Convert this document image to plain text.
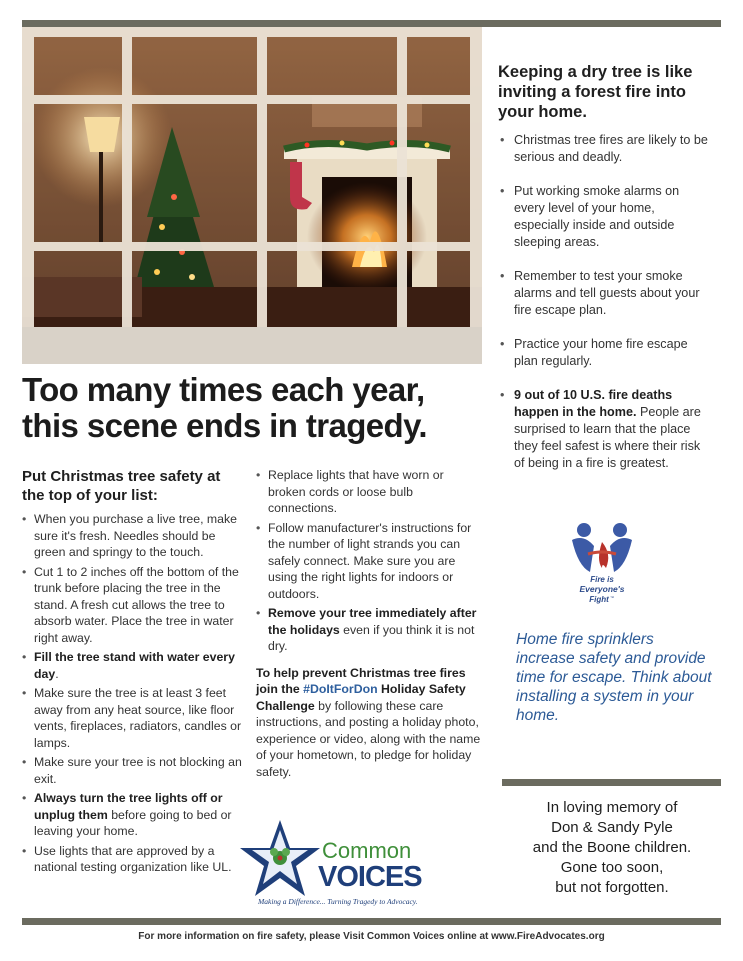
Keeping a dry tree is like inviting a forest fire into your home.
• Christmas tree fires are likely to be serious and deadly.
• Put working smoke alarms on every level of your home, especially inside and outside sleeping areas.
• Remember to test your smoke alarms and tell guests about your fire escape plan.
• Practice your home fire escape plan regularly.
• 9 out of 10 U.S. fire deaths happen in the home. People are surprised to learn that the place they feel safest is where their risk of being in a fire is greatest.
Too many times each year,
this scene ends in tragedy.
Put Christmas tree safety at the top of your list:
• When you purchase a live tree, make sure it's fresh. Needles should be green and springy to the touch.
• Cut 1 to 2 inches off the bottom of the trunk before placing the tree in the stand. A fresh cut allows the tree to absorb water. Place the tree in water right away.
• Fill the tree stand with water every day.
• Make sure the tree is at least 3 feet away from any heat source, like floor vents, fireplaces, radiators, candles or lamps.
• Make sure your tree is not blocking an exit.
• Always turn the tree lights off or unplug them before going to bed or leaving your home.
• Use lights that are approved by a national testing organization like UL.
• Replace lights that have worn or broken cords or loose bulb connections.
• Follow manufacturer's instructions for the number of light strands you can safely connect. Make sure you are using the right lights for indoors or outdoors.
• Remove your tree immediately after the holidays even if you think it is not dry.

To help prevent Christmas tree fires join the #DoItForDon Holiday Safety Challenge by following these care instructions, and posting a holiday photo, experience or video, along with the name of your hometown, to pledge for holiday safety.

Fire is
Everyone's
Fight ™

Home fire sprinklers increase safety and provide time for escape. Think about installing a system in your home.

In loving memory of
Don & Sandy Pyle
and the Boone children.
Gone too soon,
but not forgotten.
Common
VOICES
Making a Difference... Turning Tragedy to Advocacy.
For more information on fire safety, please Visit Common Voices online at www.FireAdvocates.org
